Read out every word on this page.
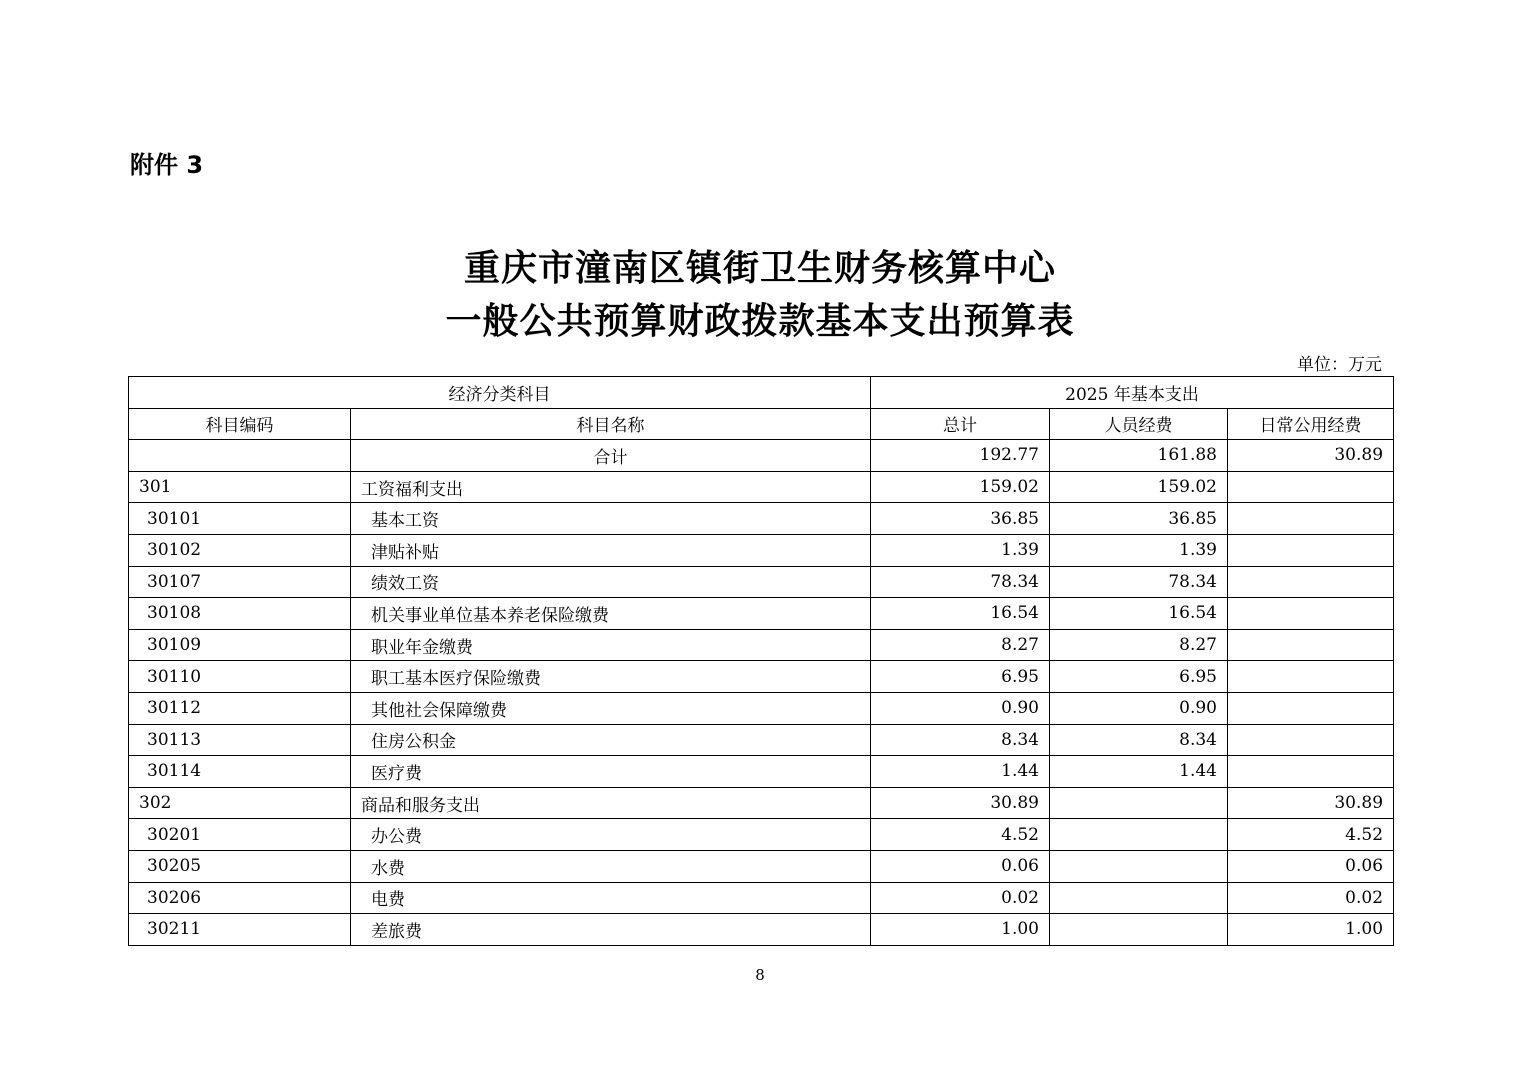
附件 3
重庆市潼南区镇街卫生财务核算中心
一般公共预算财政拨款基本支出预算表
单位：万元
经济分类科目		2025 年基本支出		
科目编码	科目名称	总计	人员经费	日常公用经费
	合计	192.77	161.88	30.89
301	工资福利支出	159.02	159.02	
30101	基本工资	36.85	36.85	
30102	津贴补贴	1.39	1.39	
30107	绩效工资	78.34	78.34	
30108	机关事业单位基本养老保险缴费	16.54	16.54	
30109	职业年金缴费	8.27	8.27	
30110	职工基本医疗保险缴费	6.95	6.95	
30112	其他社会保障缴费	0.90	0.90	
30113	住房公积金	8.34	8.34	
30114	医疗费	1.44	1.44	
302	商品和服务支出	30.89		30.89
30201	办公费	4.52		4.52
30205	水费	0.06		0.06
30206	电费	0.02		0.02
30211	差旅费	1.00		1.00
8
